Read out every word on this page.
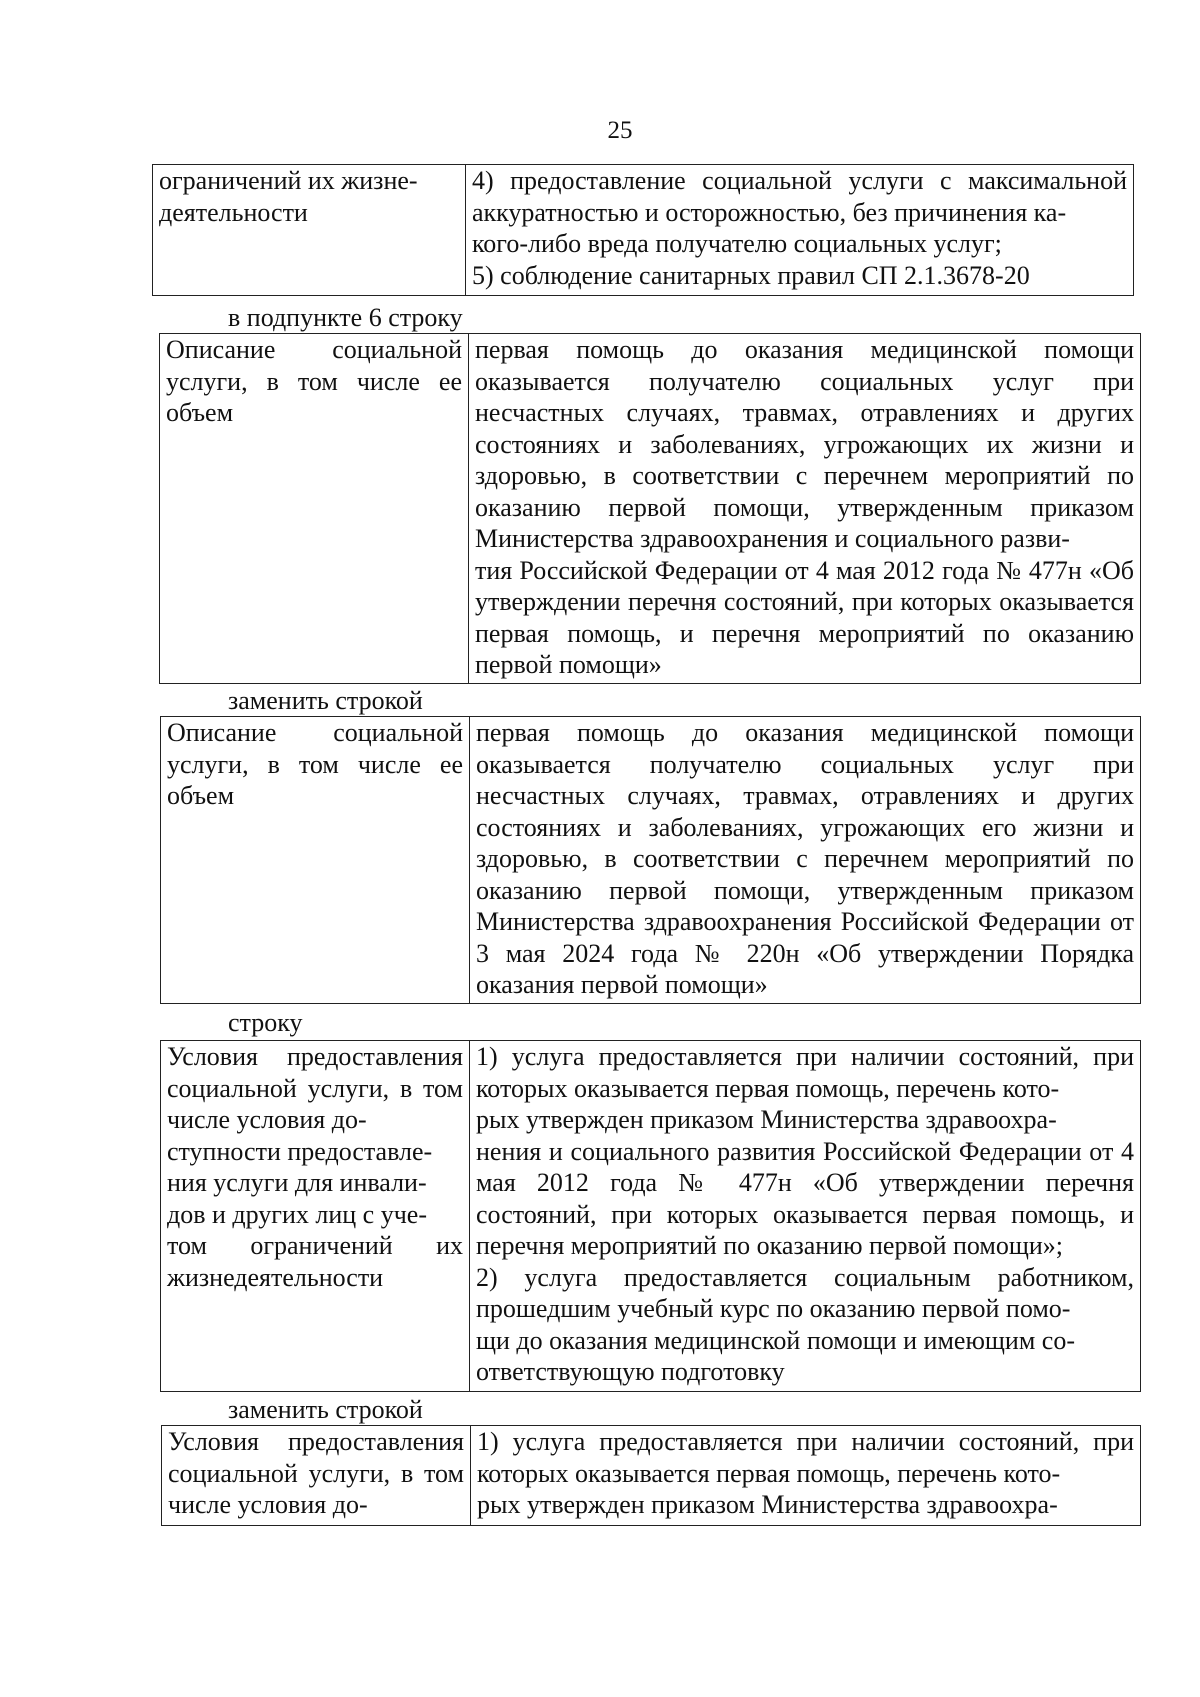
25
ограничений их жизне-
деятельности

4) предоставление социальной услуги с максимальной аккуратностью и осторожностью, без причинения ка-
кого-либо вреда получателю социальных услуг;
5) соблюдение санитарных правил СП 2.1.3678-20
в подпункте 6 строку
Описание социальной услуги, в том числе ее объем

первая помощь до оказания медицинской помощи оказывается получателю социальных услуг при несчастных случаях, травмах, отравлениях и других состояниях и заболеваниях, угрожающих их жизни и здоровью, в соответствии с перечнем мероприятий по оказанию первой помощи, утвержденным приказом Министерства здравоохранения и социального разви-
тия Российской Федерации от 4 мая 2012 года № 477н «Об утверждении перечня состояний, при которых оказывается первая помощь, и перечня мероприятий по оказанию первой помощи»
заменить строкой
Описание социальной услуги, в том числе ее объем

первая помощь до оказания медицинской помощи оказывается получателю социальных услуг при несчастных случаях, травмах, отравлениях и других состояниях и заболеваниях, угрожающих его жизни и здоровью, в соответствии с перечнем мероприятий по оказанию первой помощи, утвержденным приказом Министерства здравоохранения Российской Федерации от 3 мая 2024 года № 220н «Об утверждении Порядка оказания первой помощи»
строку
Условия предоставления социальной услуги, в том числе условия до-
ступности предоставле-
ния услуги для инвали-
дов и других лиц с уче-
том ограничений их жизнедеятельности

1) услуга предоставляется при наличии состояний, при которых оказывается первая помощь, перечень кото-
рых утвержден приказом Министерства здравоохра-
нения и социального развития Российской Федерации от 4 мая 2012 года № 477н «Об утверждении перечня состояний, при которых оказывается первая помощь, и перечня мероприятий по оказанию первой помощи»;
2) услуга предоставляется социальным работником, прошедшим учебный курс по оказанию первой помо-
щи до оказания медицинской помощи и имеющим со-
ответствующую подготовку
заменить строкой
Условия предоставления социальной услуги, в том числе условия до-

1) услуга предоставляется при наличии состояний, при которых оказывается первая помощь, перечень кото-
рых утвержден приказом Министерства здравоохра-
